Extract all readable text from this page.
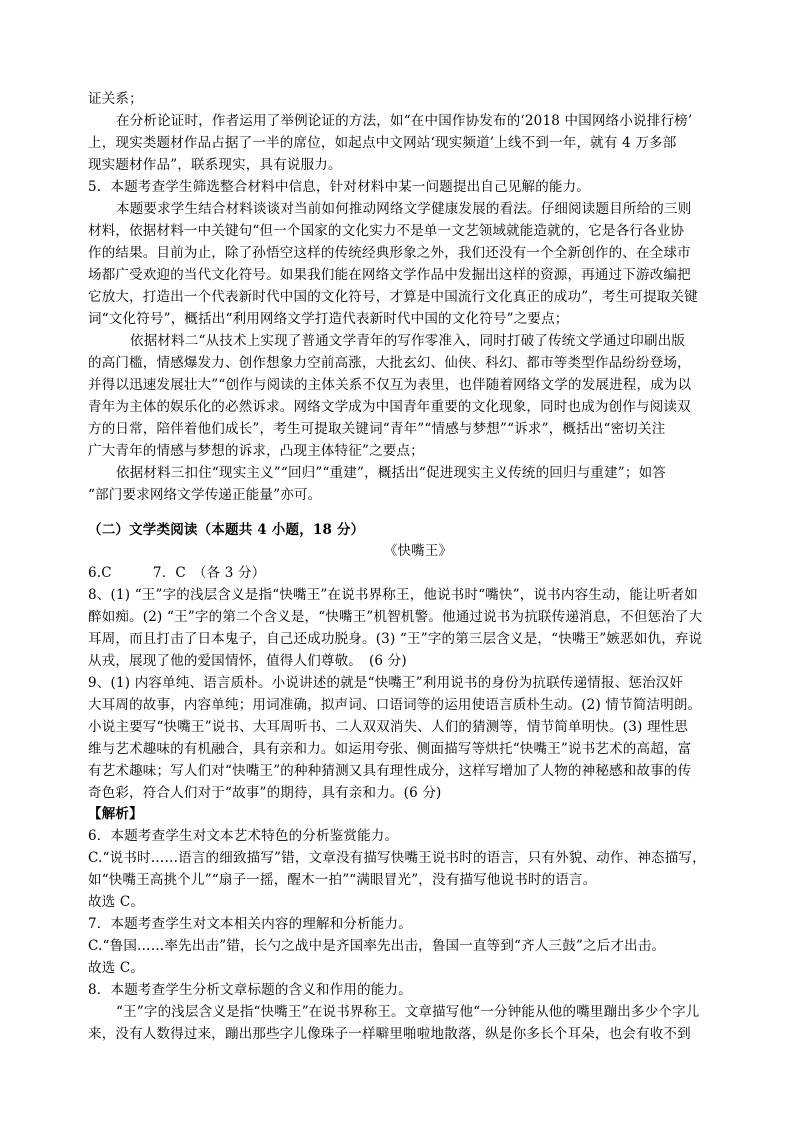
证关系；
在分析论证时，作者运用了举例论证的方法，如“在中国作协发布的‘2018 中国网络小说排行榜’
上，现实类题材作品占据了一半的席位，如起点中文网站‘现实频道’上线不到一年，就有 4 万多部
现实题材作品”，联系现实，具有说服力。
5．本题考查学生筛选整合材料中信息，针对材料中某一问题提出自己见解的能力。
本题要求学生结合材料谈谈对当前如何推动网络文学健康发展的看法。仔细阅读题目所给的三则
材料，依据材料一中关键句“但一个国家的文化实力不是单一文艺领域就能造就的，它是各行各业协
作的结果。目前为止，除了孙悟空这样的传统经典形象之外，我们还没有一个全新创作的、在全球市
场都广受欢迎的当代文化符号。如果我们能在网络文学作品中发掘出这样的资源，再通过下游改编把
它放大，打造出一个代表新时代中国的文化符号，才算是中国流行文化真正的成功”，考生可提取关键
词“文化符号”，概括出“利用网络文学打造代表新时代中国的文化符号”之要点；
依据材料二“从技术上实现了普通文学青年的写作零准入，同时打破了传统文学通过印刷出版
的高门槛，情感爆发力、创作想象力空前高涨，大批玄幻、仙侠、科幻、都市等类型作品纷纷登场，
并得以迅速发展壮大”“创作与阅读的主体关系不仅互为表里，也伴随着网络文学的发展进程，成为以
青年为主体的娱乐化的必然诉求。网络文学成为中国青年重要的文化现象，同时也成为创作与阅读双
方的日常，陪伴着他们成长”，考生可提取关键词“青年”“情感与梦想”“诉求”，概括出“密切关注
广大青年的情感与梦想的诉求，凸现主体特征”之要点；
依据材料三扣住“现实主义”“回归”“重建”，概括出“促进现实主义传统的回归与重建”；如答
“部门要求网络文学传递正能量”亦可。
（二）文学类阅读（本题共 4 小题，18 分）
《快嘴王》
6.C　　　7．C　（各 3 分）
8、(1) “王”字的浅层含义是指“快嘴王”在说书界称王，他说书时“嘴快”，说书内容生动，能让听者如
醉如痴。(2) “王”字的第二个含义是，“快嘴王”机智机警。他通过说书为抗联传递消息，不但惩治了大
耳周，而且打击了日本鬼子，自己还成功脱身。(3) “王”字的第三层含义是，“快嘴王”嫉恶如仇，弃说
从戎，展现了他的爱国情怀，值得人们尊敬。　(6 分)
9、(1) 内容单纯、语言质朴。小说讲述的就是“快嘴王”利用说书的身份为抗联传递情报、惩治汉奸
大耳周的故事，内容单纯；用词准确，拟声词、口语词等的运用使语言质朴生动。(2) 情节简洁明朗。
小说主要写“快嘴王”说书、大耳周听书、二人双双消失、人们的猜测等，情节简单明快。(3) 理性思
维与艺术趣味的有机融合，具有亲和力。如运用夸张、侧面描写等烘托“快嘴王”说书艺术的高超，富
有艺术趣味；写人们对“快嘴王”的种种猜测又具有理性成分，这样写增加了人物的神秘感和故事的传
奇色彩，符合人们对于“故事”的期待，具有亲和力。(6 分)
【解析】
6．本题考查学生对文本艺术特色的分析鉴赏能力。
C.“说书时……语言的细致描写”错，文章没有描写快嘴王说书时的语言，只有外貌、动作、神态描写，
如“快嘴王高挑个儿”“扇子一摇，醒木一拍”“满眼冒光”，没有描写他说书时的语言。
故选 C。
7．本题考查学生对文本相关内容的理解和分析能力。
C.“鲁国……率先出击”错，长勺之战中是齐国率先出击，鲁国一直等到“齐人三鼓”之后才出击。
故选 C。
8．本题考查学生分析文章标题的含义和作用的能力。
“王”字的浅层含义是指“快嘴王”在说书界称王。文章描写他“一分钟能从他的嘴里蹦出多少个字儿
来，没有人数得过来，蹦出那些字儿像珠子一样噼里啪啦地散落，纵是你多长个耳朵，也会有收不到
